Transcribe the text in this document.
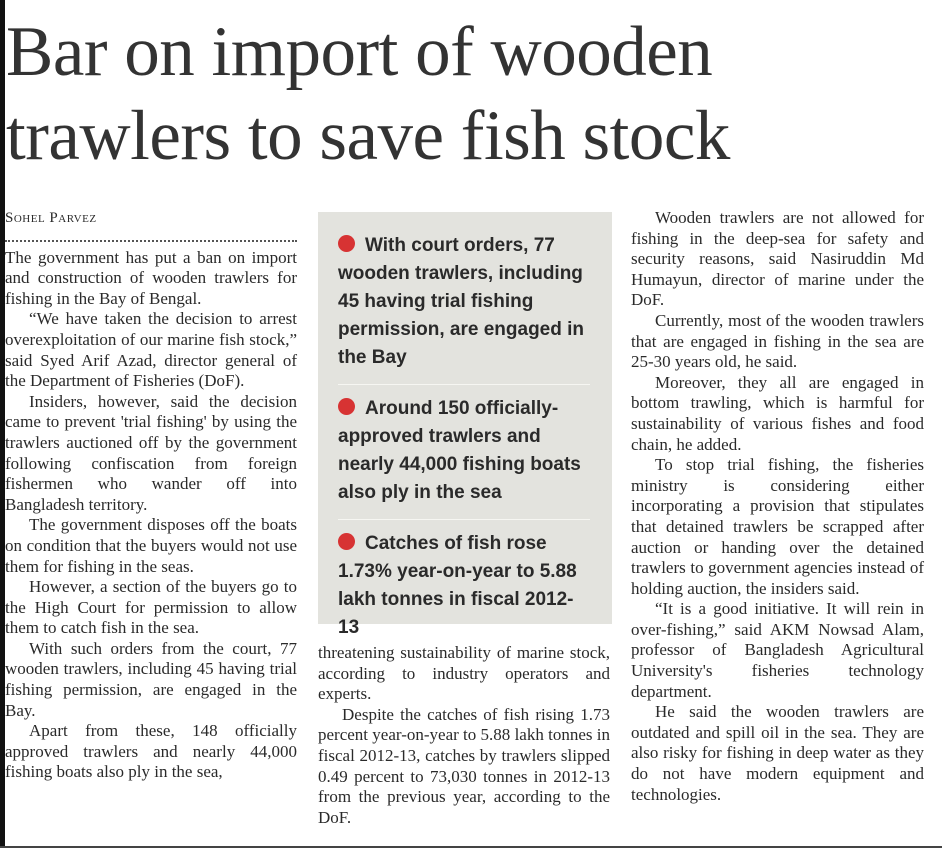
Bar on import of wooden trawlers to save fish stock
Sohel Parvez

The government has put a ban on import and construction of wooden trawlers for fishing in the Bay of Bengal.

“We have taken the decision to arrest overexploitation of our marine fish stock,” said Syed Arif Azad, director general of the Department of Fisheries (DoF).

Insiders, however, said the decision came to prevent 'trial fishing' by using the trawlers auctioned off by the government following confiscation from foreign fishermen who wander off into Bangladesh territory.

The government disposes off the boats on condition that the buyers would not use them for fishing in the seas.

However, a section of the buyers go to the High Court for permission to allow them to catch fish in the sea.

With such orders from the court, 77 wooden trawlers, including 45 having trial fishing permission, are engaged in the Bay.

Apart from these, 148 officially approved trawlers and nearly 44,000 fishing boats also ply in the sea,

With court orders, 77 wooden trawlers, including 45 having trial fishing permission, are engaged in the Bay
Around 150 officially-approved trawlers and nearly 44,000 fishing boats also ply in the sea
Catches of fish rose 1.73% year-on-year to 5.88 lakh tonnes in fiscal 2012-13

threatening sustainability of marine stock, according to industry operators and experts.

Despite the catches of fish rising 1.73 percent year-on-year to 5.88 lakh tonnes in fiscal 2012-13, catches by trawlers slipped 0.49 percent to 73,030 tonnes in 2012-13 from the previous year, according to the DoF.

Wooden trawlers are not allowed for fishing in the deep-sea for safety and security reasons, said Nasiruddin Md Humayun, director of marine under the DoF.

Currently, most of the wooden trawlers that are engaged in fishing in the sea are 25-30 years old, he said.

Moreover, they all are engaged in bottom trawling, which is harmful for sustainability of various fishes and food chain, he added.

To stop trial fishing, the fisheries ministry is considering either incorporating a provision that stipulates that detained trawlers be scrapped after auction or handing over the detained trawlers to government agencies instead of holding auction, the insiders said.

“It is a good initiative. It will rein in over-fishing,” said AKM Nowsad Alam, professor of Bangladesh Agricultural University's fisheries technology department.

He said the wooden trawlers are outdated and spill oil in the sea. They are also risky for fishing in deep water as they do not have modern equipment and technologies.
